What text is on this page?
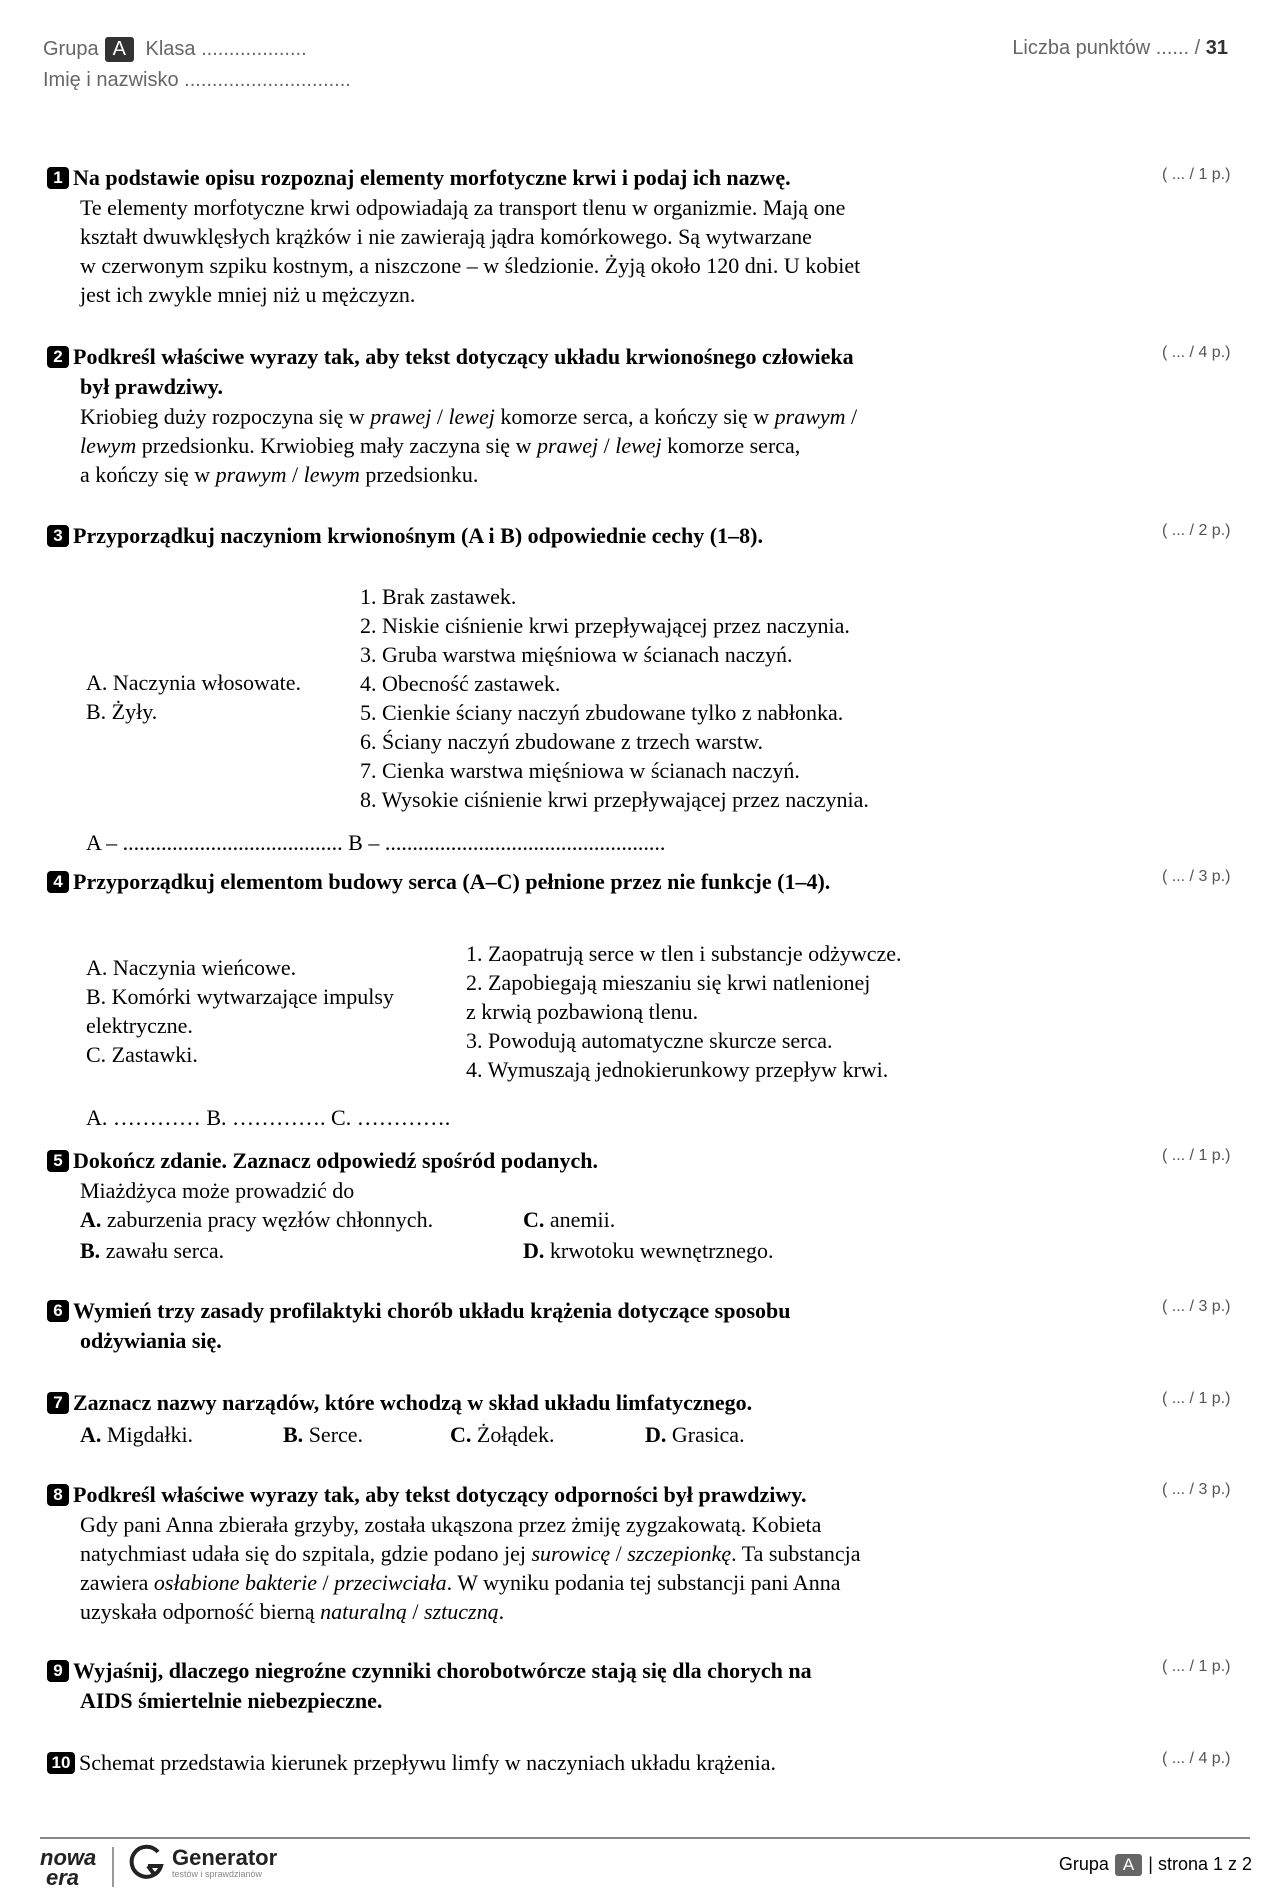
Grupa A Klasa ...................
Imię i nazwisko ..............................
Liczba punktów ...... / 31
1 Na podstawie opisu rozpoznaj elementy morfotyczne krwi i podaj ich nazwę.
Te elementy morfotyczne krwi odpowiadają za transport tlenu w organizmie. Mają one
kształt dwuwklęsłych krążków i nie zawierają jądra komórkowego. Są wytwarzane
w czerwonym szpiku kostnym, a niszczone – w śledzionie. Żyją około 120 dni. U kobiet
jest ich zwykle mniej niż u mężczyzn.
( ... / 1 p.)
2 Podkreśl właściwe wyrazy tak, aby tekst dotyczący układu krwionośnego człowieka
był prawdziwy.
Kriobieg duży rozpoczyna się w prawej / lewej komorze serca, a kończy się w prawym /
lewym przedsionku. Krwiobieg mały zaczyna się w prawej / lewej komorze serca,
a kończy się w prawym / lewym przedsionku.
( ... / 4 p.)
3 Przyporządkuj naczyniom krwionośnym (A i B) odpowiednie cechy (1–8).	( ... / 2 p.)
A. Naczynia włosowate.
B. Żyły.
1. Brak zastawek.
2. Niskie ciśnienie krwi przepływającej przez naczynia.
3. Gruba warstwa mięśniowa w ścianach naczyń.
4. Obecność zastawek.
5. Cienkie ściany naczyń zbudowane tylko z nabłonka.
6. Ściany naczyń zbudowane z trzech warstw.
7. Cienka warstwa mięśniowa w ścianach naczyń.
8. Wysokie ciśnienie krwi przepływającej przez naczynia.
A – ........................................ B – ...................................................
4 Przyporządkuj elementom budowy serca (A–C) pełnione przez nie funkcje (1–4).	( ... / 3 p.)
A. Naczynia wieńcowe.
B. Komórki wytwarzające impulsy
elektryczne.
C. Zastawki.
1. Zaopatrują serce w tlen i substancje odżywcze.
2. Zapobiegają mieszaniu się krwi natlenionej
z krwią pozbawioną tlenu.
3. Powodują automatyczne skurcze serca.
4. Wymuszają jednokierunkowy przepływ krwi.
A. ………… B. …………. C. ………….
5 Dokończ zdanie. Zaznacz odpowiedź spośród podanych.
Miażdżyca może prowadzić do
( ... / 1 p.)
A. zaburzenia pracy węzłów chłonnych.	C. anemii.
B. zawału serca.	D. krwotoku wewnętrznego.
6 Wymień trzy zasady profilaktyki chorób układu krążenia dotyczące sposobu
odżywiania się.
( ... / 3 p.)
7 Zaznacz nazwy narządów, które wchodzą w skład układu limfatycznego.	( ... / 1 p.)
A. Migdałki.	B. Serce.	C. Żołądek.	D. Grasica.
8 Podkreśl właściwe wyrazy tak, aby tekst dotyczący odporności był prawdziwy.
Gdy pani Anna zbierała grzyby, została ukąszona przez żmiję zygzakowatą. Kobieta
natychmiast udała się do szpitala, gdzie podano jej surowicę / szczepionkę. Ta substancja
zawiera osłabione bakterie / przeciwciała. W wyniku podania tej substancji pani Anna
uzyskała odporność bierną naturalną / sztuczną.
( ... / 3 p.)
9 Wyjaśnij, dlaczego niegroźne czynniki chorobotwórcze stają się dla chorych na
AIDS śmiertelnie niebezpieczne.
( ... / 1 p.)
10 Schemat przedstawia kierunek przepływu limfy w naczyniach układu krążenia.	( ... / 4 p.)
nowa
era
Generator
testów i sprawdzianów	Grupa A | strona 1 z 2
